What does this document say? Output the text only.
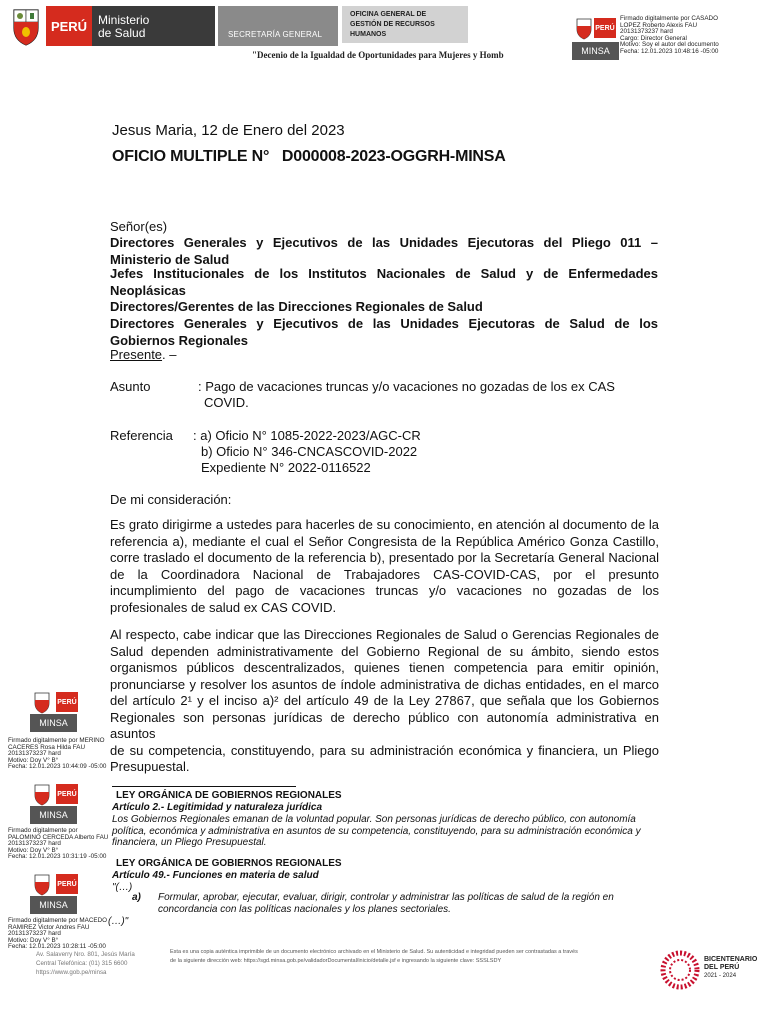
PERÚ Ministerio
de Salud	SECRETARÍA GENERAL
OFICINA GENERAL DE
GESTIÓN DE RECURSOS
HUMANOS
"Decenio de la Igualdad de Oportunidades para Mujeres y Homb
PERÚ
MINSA
Firmado digitalmente por CASADO
LOPEZ Roberto Alexis FAU
20131373237 hard
Cargo: Director General
Motivo: Soy el autor del documento
Fecha: 12.01.2023 10:48:16 -05:00
PERÚ
MINSA
Firmado digitalmente por MERINO
CACERES Rosa Hilda FAU
20131373237 hard
Motivo: Doy V° B°
Fecha: 12.01.2023 10:44:09 -05:00
PERÚ
MINSA
Firmado digitalmente por
PALOMINO CERCEDA Alberto FAU
20131373237 hard
Motivo: Doy V° B°
Fecha: 12.01.2023 10:31:19 -05:00
PERÚ
MINSA
Firmado digitalmente por MACEDO
RAMIREZ Victor Andres FAU
20131373237 hard
Motivo: Doy V° B°
Fecha: 12.01.2023 10:28:11 -05:00
Jesus Maria, 12 de Enero del 2023
OFICIO MULTIPLE N°   D000008-2023-OGGRH-MINSA
Señor(es)
Directores Generales y Ejecutivos de las Unidades Ejecutoras del Pliego 011 – Ministerio de Salud
Jefes Institucionales de los Institutos Nacionales de Salud y de Enfermedades Neoplásicas
Directores/Gerentes de las Direcciones Regionales de Salud
Directores Generales y Ejecutivos de las Unidades Ejecutoras de Salud de los Gobiernos Regionales
Presente. –
Asunto	: Pago de vacaciones truncas y/o vacaciones no gozadas de los ex CAS
COVID.
Referencia : a) Oficio N° 1085-2022-2023/AGC-CR
b) Oficio N° 346-CNCASCOVID-2022
Expediente N° 2022-0116522
De mi consideración:
Es grato dirigirme a ustedes para hacerles de su conocimiento, en atención al documento de la referencia a), mediante el cual el Señor Congresista de la República Américo Gonza Castillo, corre traslado el documento de la referencia b), presentado por la Secretaría General Nacional de la Coordinadora Nacional de Trabajadores CAS-COVID-CAS, por el presunto incumplimiento del pago de vacaciones truncas y/o vacaciones no gozadas de los profesionales de salud ex CAS COVID.
Al respecto, cabe indicar que las Direcciones Regionales de Salud o Gerencias Regionales de
Salud dependen administrativamente del Gobierno Regional de su ámbito, siendo estos
organismos públicos descentralizados, quienes tienen competencia para emitir opinión,
pronunciarse y resolver los asuntos de índole administrativa de dichas entidades, en el marco
del artículo 2¹ y el inciso a)² del artículo 49 de la Ley 27867, que señala que los Gobiernos
Regionales son personas jurídicas de derecho público con autonomía administrativa en asuntos
de su competencia, constituyendo, para su administración económica y financiera, un Pliego
Presupuestal.
LEY ORGÁNICA DE GOBIERNOS REGIONALES
Artículo 2.- Legitimidad y naturaleza jurídica
Los Gobiernos Regionales emanan de la voluntad popular. Son personas jurídicas de derecho público, con autonomía
política, económica y administrativa en asuntos de su competencia, constituyendo, para su administración económica y
financiera, un Pliego Presupuestal.
LEY ORGÁNICA DE GOBIERNOS REGIONALES
Artículo 49.- Funciones en materia de salud
"(…)
a) Formular, aprobar, ejecutar, evaluar, dirigir, controlar y administrar las políticas de salud de la región en
concordancia con las políticas nacionales y los planes sectoriales.
(…)"
Av. Salaverry Nro. 801, Jesús María
Central Telefónica: (01) 315 6600
https://www.gob.pe/minsa
Esta es una copia auténtica imprimible de un documento electrónico archivado en el Ministerio de Salud. Su autenticidad e integridad pueden ser contrastadas a través
de la siguiente dirección web: https://sgd.minsa.gob.pe/validadorDocumental/inicio/detalle.jsf e ingresando la siguiente clave: SSSLSDY	BICENTENARIO
DEL PERÚ
2021 - 2024
